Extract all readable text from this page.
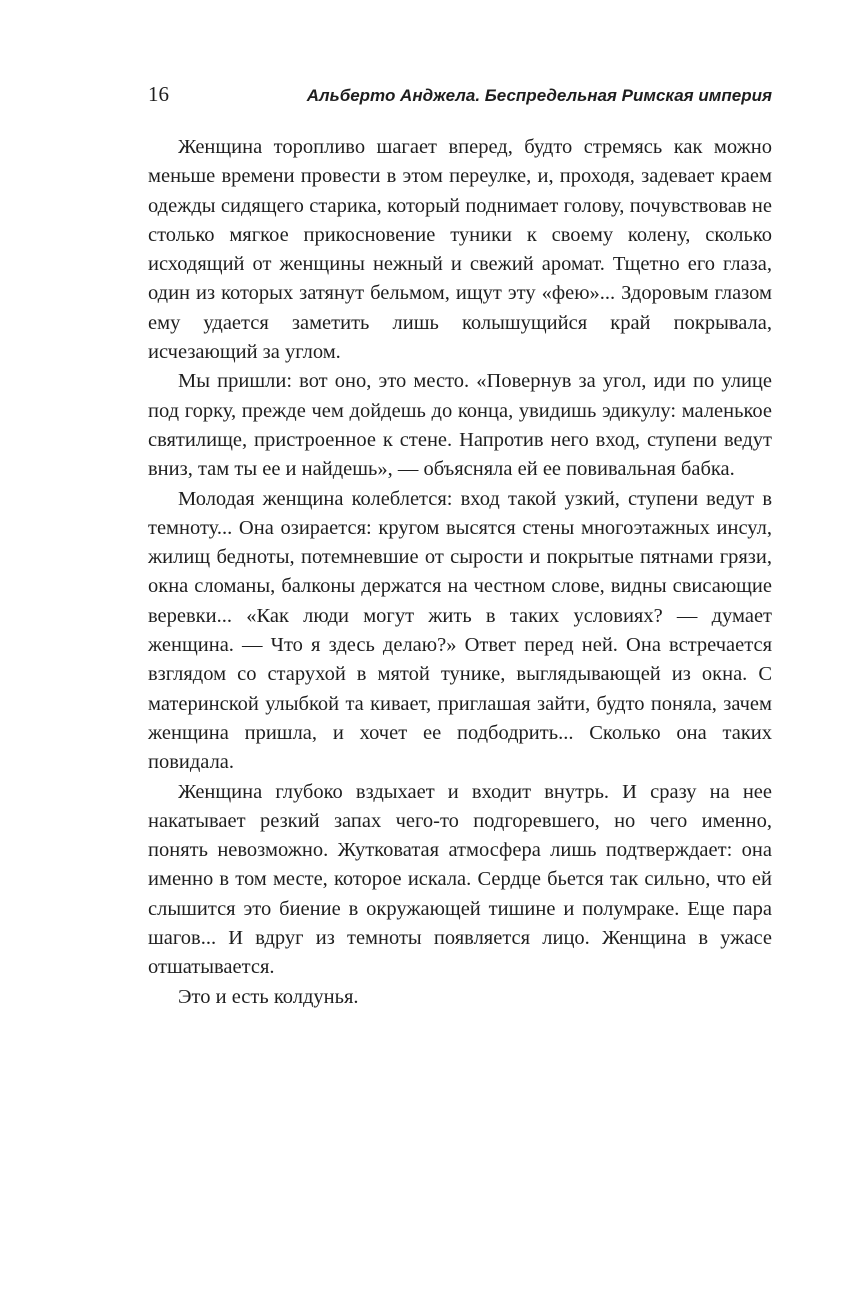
16	Альберто Анджела. Беспредельная Римская империя

Женщина торопливо шагает вперед, будто стремясь как можно меньше времени провести в этом переулке, и, проходя, задевает краем одежды сидящего старика, который поднимает голову, почувствовав не столько мягкое прикосновение туники к своему колену, сколько исходящий от женщины нежный и свежий аромат. Тщетно его глаза, один из которых затянут бельмом, ищут эту «фею»... Здоровым глазом ему удается заметить лишь колышущийся край покрывала, исчезающий за углом.

Мы пришли: вот оно, это место. «Повернув за угол, иди по улице под горку, прежде чем дойдешь до конца, увидишь эдикулу: маленькое святилище, пристроенное к стене. Напротив него вход, ступени ведут вниз, там ты ее и найдешь», — объясняла ей ее повивальная бабка.

Молодая женщина колеблется: вход такой узкий, ступени ведут в темноту... Она озирается: кругом высятся стены многоэтажных инсул, жилищ бедноты, потемневшие от сырости и покрытые пятнами грязи, окна сломаны, балконы держатся на честном слове, видны свисающие веревки... «Как люди могут жить в таких условиях? — думает женщина. — Что я здесь делаю?» Ответ перед ней. Она встречается взглядом со старухой в мятой тунике, выглядывающей из окна. С материнской улыбкой та кивает, приглашая зайти, будто поняла, зачем женщина пришла, и хочет ее подбодрить... Сколько она таких повидала.

Женщина глубоко вздыхает и входит внутрь. И сразу на нее накатывает резкий запах чего-то подгоревшего, но чего именно, понять невозможно. Жутковатая атмосфера лишь подтверждает: она именно в том месте, которое искала. Сердце бьется так сильно, что ей слышится это биение в окружающей тишине и полумраке. Еще пара шагов... И вдруг из темноты появляется лицо. Женщина в ужасе отшатывается.

Это и есть колдунья.
